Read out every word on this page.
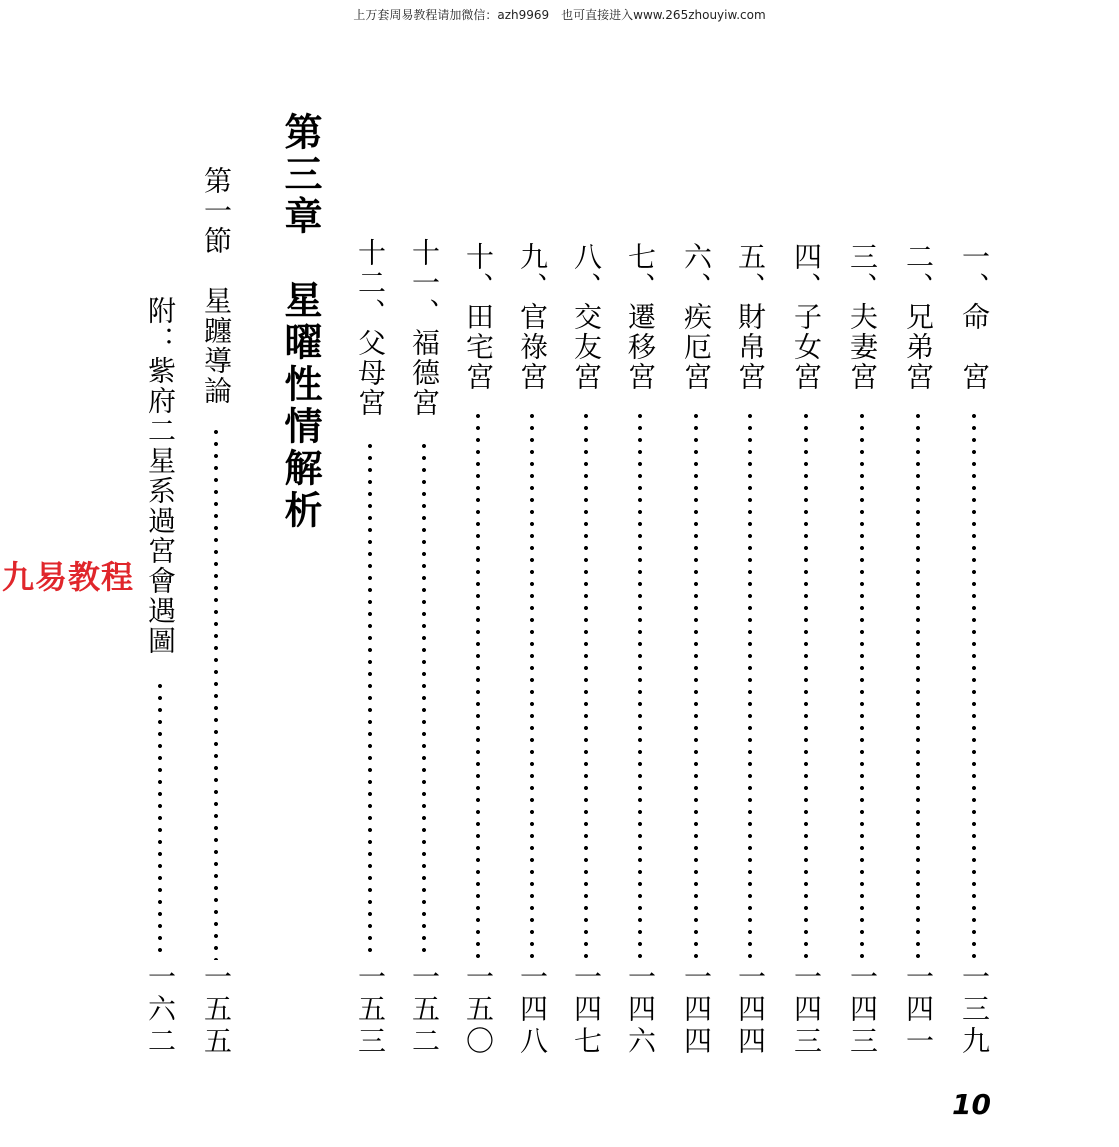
上万套周易教程请加微信：azh9969　也可直接进入www.265zhouyiw.com
一、命　宮
一三九
二、兄弟宮
一四一
三、夫妻宮
一四三
四、子女宮
一四三
五、財帛宮
一四四
六、疾厄宮
一四四
七、遷移宮
一四六
八、交友宮
一四七
九、官祿宮
一四八
十、田宅宮
一五〇
十一、福德宮
一五二
十二、父母宮
一五三
第三章　星曜性情解析
第一節　星躔導論
一五五
附：紫府二星系過宮會遇圖
一六二
九易教程
10
